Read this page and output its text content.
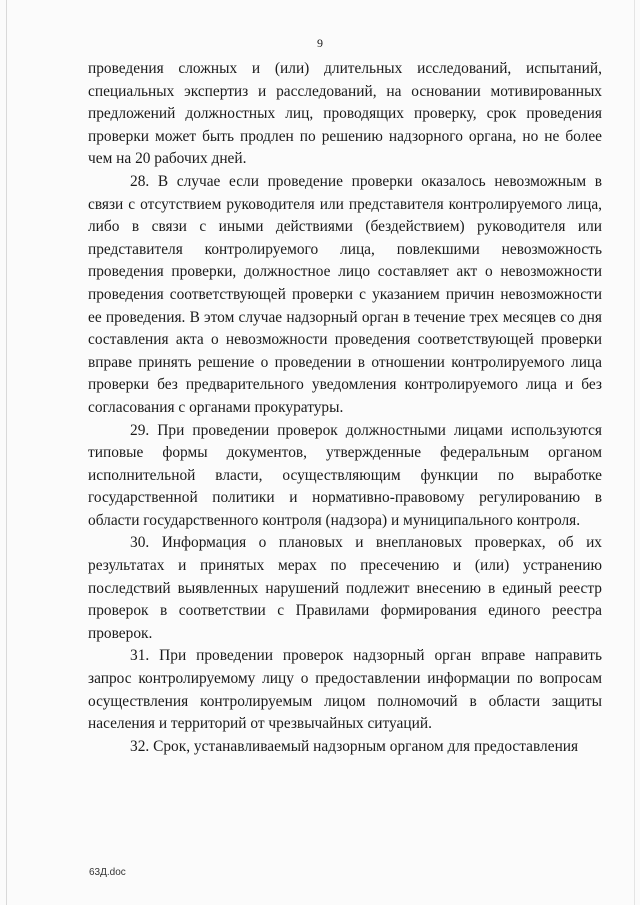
9

проведения сложных и (или) длительных исследований, испытаний, специальных экспертиз и расследований, на основании мотивированных предложений должностных лиц, проводящих проверку, срок проведения проверки может быть продлен по решению надзорного органа, но не более чем на 20 рабочих дней.

28. В случае если проведение проверки оказалось невозможным в связи с отсутствием руководителя или представителя контролируемого лица, либо в связи с иными действиями (бездействием) руководителя или представителя контролируемого лица, повлекшими невозможность проведения проверки, должностное лицо составляет акт о невозможности проведения соответствующей проверки с указанием причин невозможности ее проведения. В этом случае надзорный орган в течение трех месяцев со дня составления акта о невозможности проведения соответствующей проверки вправе принять решение о проведении в отношении контролируемого лица проверки без предварительного уведомления контролируемого лица и без согласования с органами прокуратуры.

29. При проведении проверок должностными лицами используются типовые формы документов, утвержденные федеральным органом исполнительной власти, осуществляющим функции по выработке государственной политики и нормативно-правовому регулированию в области государственного контроля (надзора) и муниципального контроля.

30. Информация о плановых и внеплановых проверках, об их результатах и принятых мерах по пресечению и (или) устранению последствий выявленных нарушений подлежит внесению в единый реестр проверок в соответствии с Правилами формирования единого реестра проверок.

31. При проведении проверок надзорный орган вправе направить запрос контролируемому лицу о предоставлении информации по вопросам осуществления контролируемым лицом полномочий в области защиты населения и территорий от чрезвычайных ситуаций.

32. Срок, устанавливаемый надзорным органом для предоставления

63Д.doc
